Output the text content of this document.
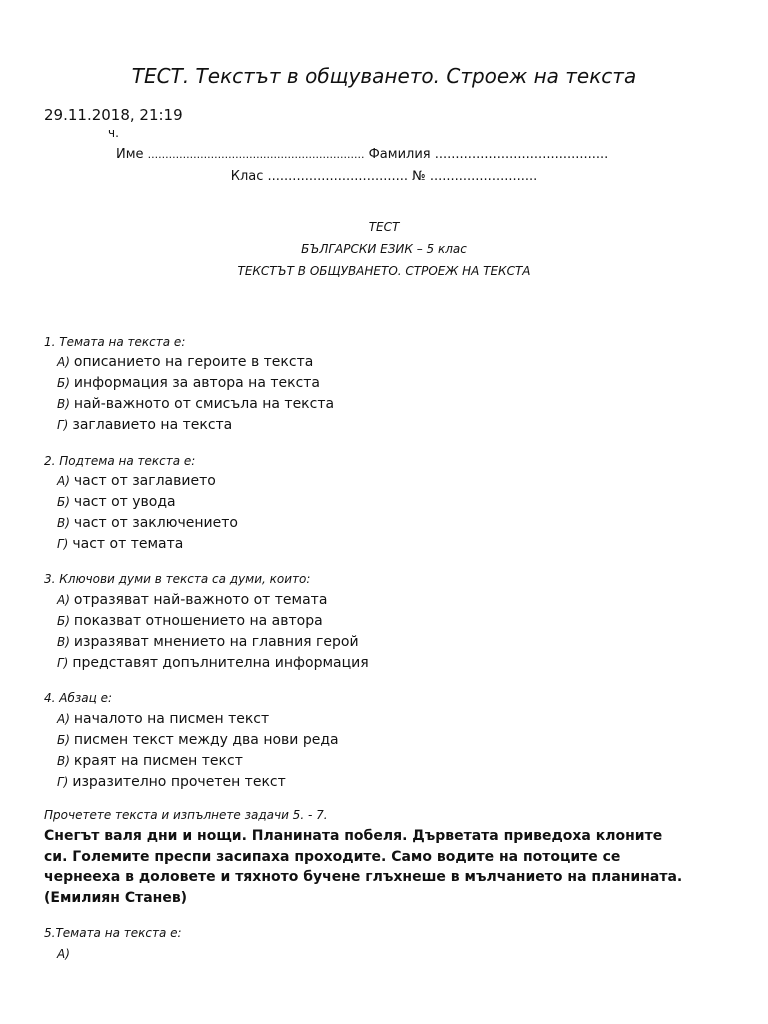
ТЕСТ. Текстът в общуването. Строеж на текста
29.11.2018, 21:19
ч.
Име .............................................................. Фамилия ..........................................
Клас .................................. № ..........................
ТЕСТ
БЪЛГАРСКИ ЕЗИК – 5 клас
ТЕКСТЪТ В ОБЩУВАНЕТО. СТРОЕЖ НА ТЕКСТА
1. Темата на текста е:
А) описанието на героите в текста
Б) информация за автора на текста
В) най-важното от смисъла на текста
Г) заглавието на текста
2. Подтема на текста е:
А) част от заглавието
Б) част от увода
В) част от заключението
Г) част от темата
3. Ключови думи в текста са думи, които:
А) отразяват най-важното от темата
Б) показват отношението на автора
В) изразяват мнението на главния герой
Г) представят допълнителна информация
4. Абзац е:
А) началото на писмен текст
Б) писмен текст между два нови реда
В) краят на писмен текст
Г) изразително прочетен текст
Прочетете текста и изпълнете задачи 5. - 7.
Снегът валя дни и нощи. Планината побеля. Дърветата приведоха клоните си. Големите преспи засипаха проходите. Само водите на потоците се чернееха в доловете и тяхното бучене глъхнеше в мълчанието на планината. (Емилиян Станев)
5.Темата на текста е:
А)
